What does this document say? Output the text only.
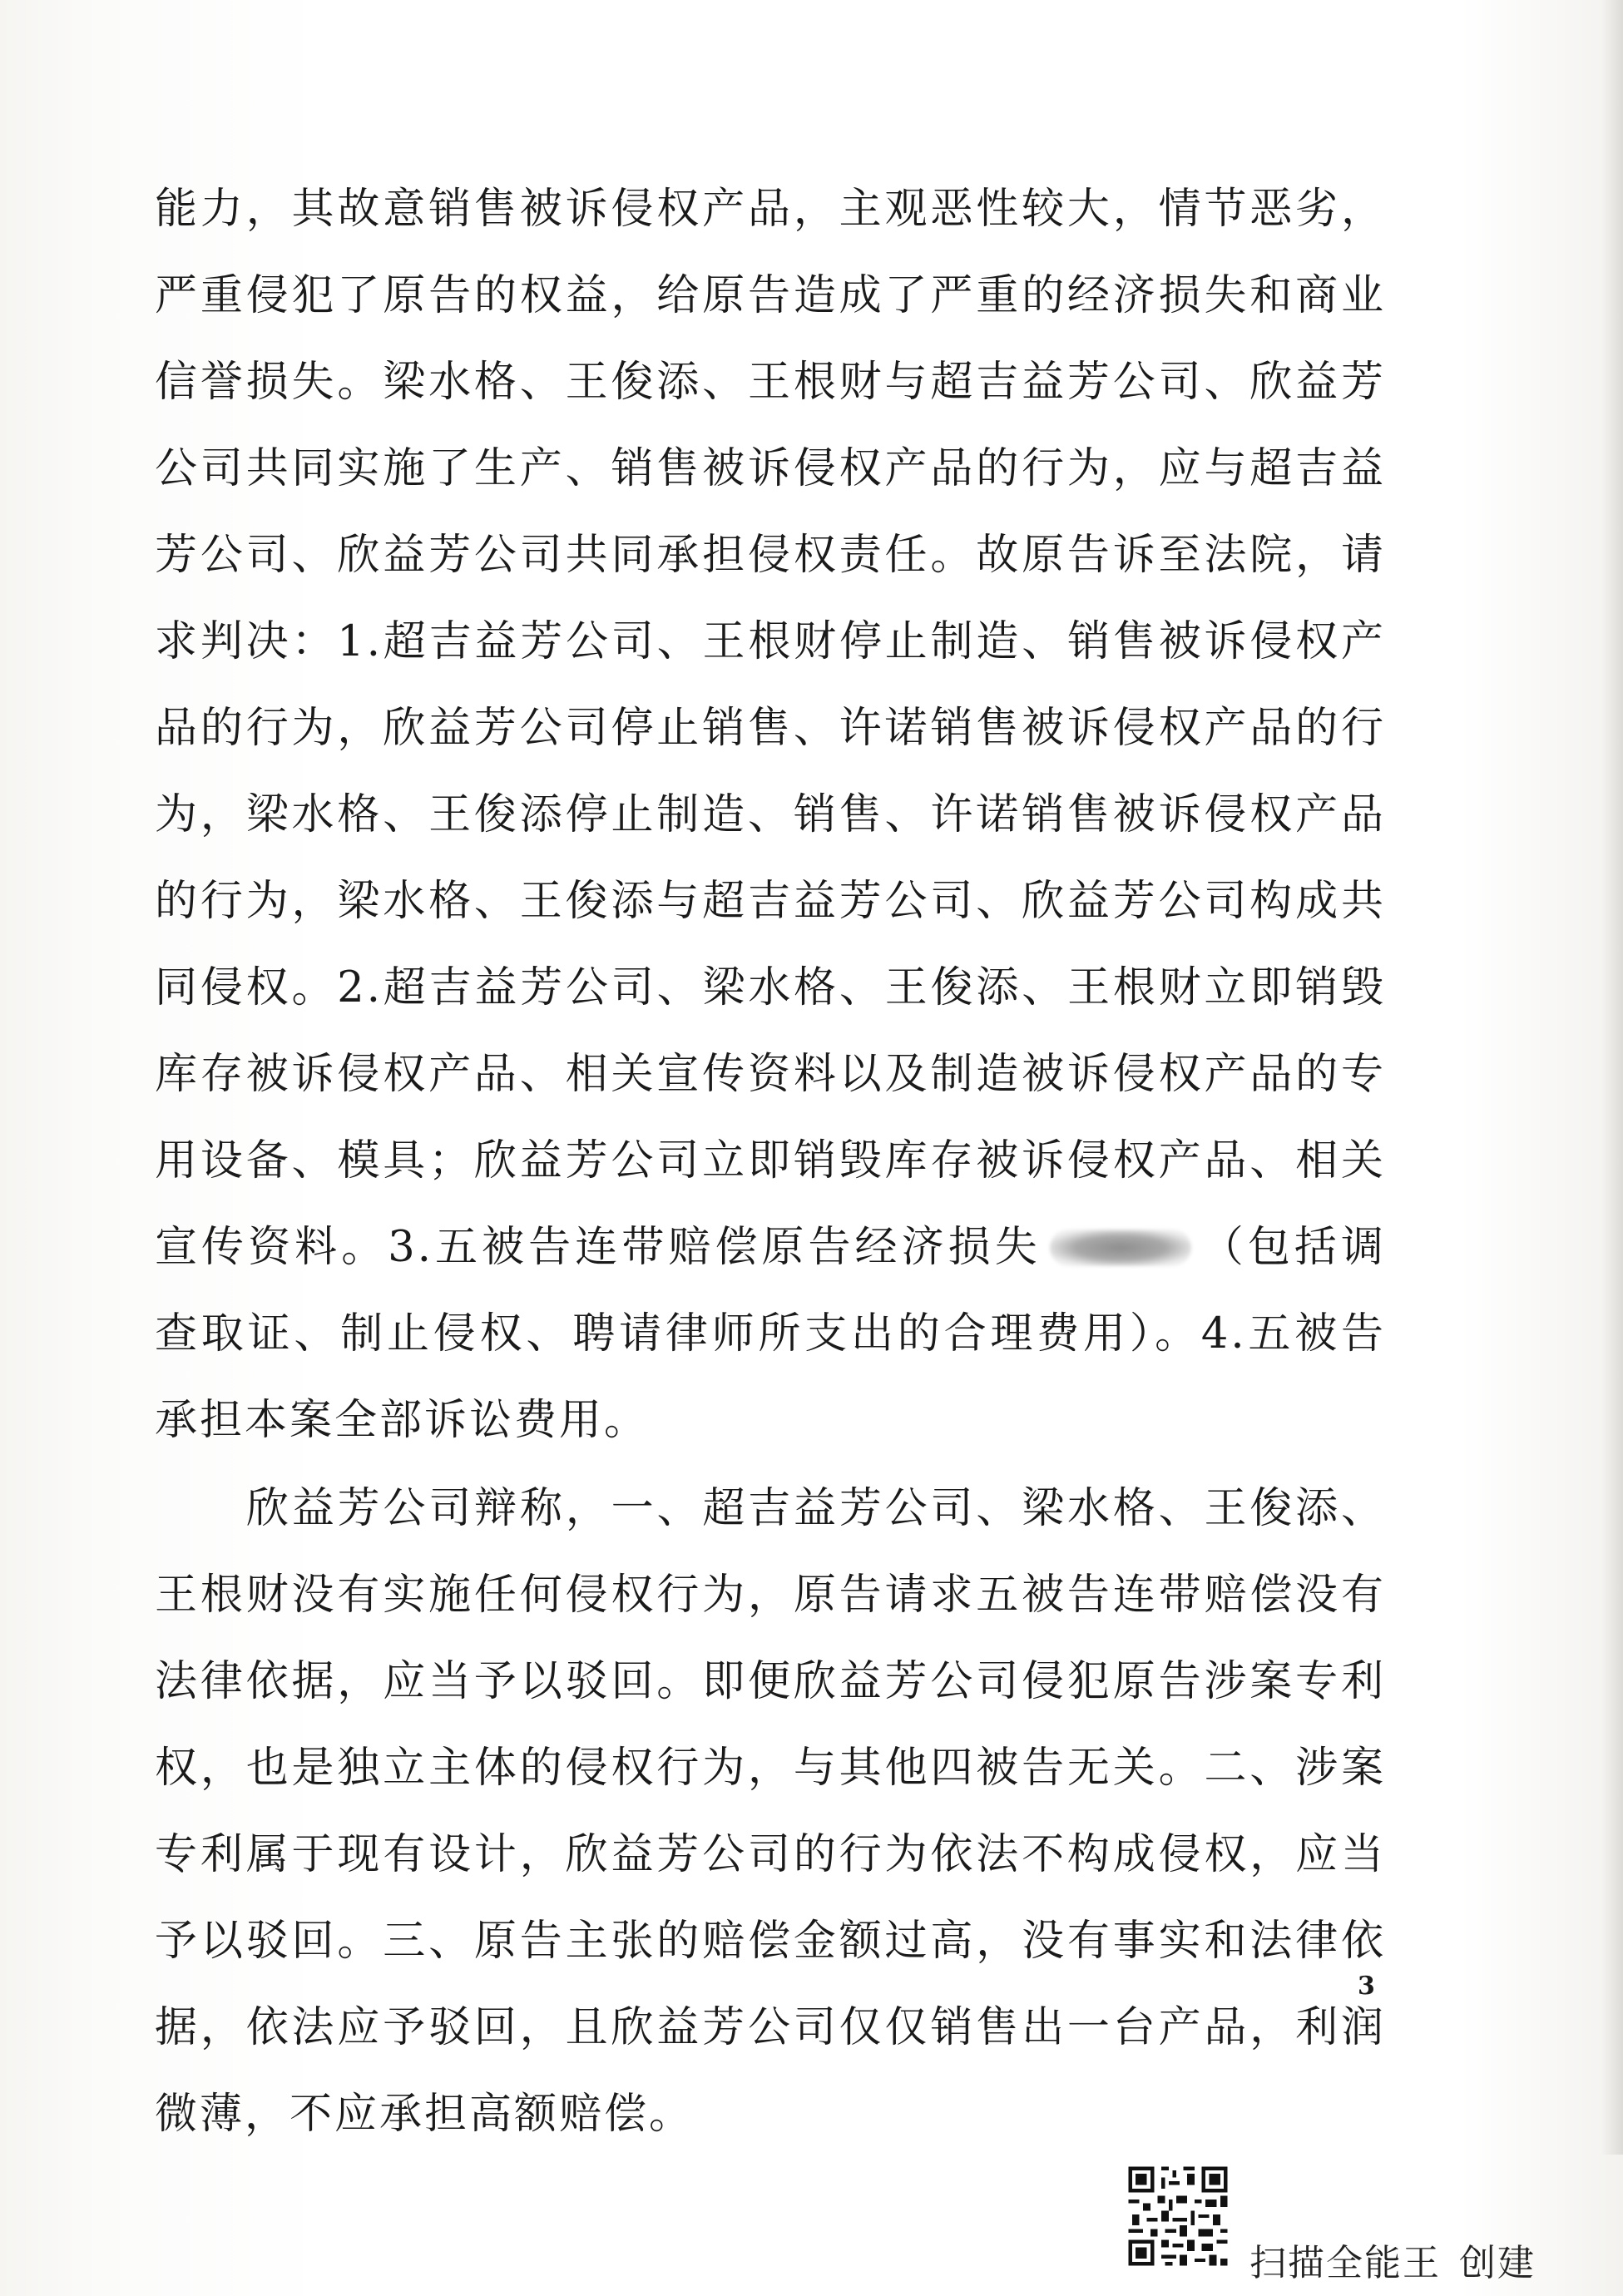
能力，其故意销售被诉侵权产品，主观恶性较大，情节恶劣，严重侵犯了原告的权益，给原告造成了严重的经济损失和商业信誉损失。梁水格、王俊添、王根财与超吉益芳公司、欣益芳公司共同实施了生产、销售被诉侵权产品的行为，应与超吉益芳公司、欣益芳公司共同承担侵权责任。故原告诉至法院，请求判决：1.超吉益芳公司、王根财停止制造、销售被诉侵权产品的行为，欣益芳公司停止销售、许诺销售被诉侵权产品的行为，梁水格、王俊添停止制造、销售、许诺销售被诉侵权产品的行为，梁水格、王俊添与超吉益芳公司、欣益芳公司构成共同侵权。2.超吉益芳公司、梁水格、王俊添、王根财立即销毁库存被诉侵权产品、相关宣传资料以及制造被诉侵权产品的专用设备、模具；欣益芳公司立即销毁库存被诉侵权产品、相关宣传资料。3.五被告连带赔偿原告经济损失	（包括调查取证、制止侵权、聘请律师所支出的合理费用）。4.五被告承担本案全部诉讼费用。

欣益芳公司辩称，一、超吉益芳公司、梁水格、王俊添、王根财没有实施任何侵权行为，原告请求五被告连带赔偿没有法律依据，应当予以驳回。即便欣益芳公司侵犯原告涉案专利权，也是独立主体的侵权行为，与其他四被告无关。二、涉案专利属于现有设计，欣益芳公司的行为依法不构成侵权，应当予以驳回。三、原告主张的赔偿金额过高，没有事实和法律依据，依法应予驳回，且欣益芳公司仅仅销售出一台产品，利润微薄，不应承担高额赔偿。

3
扫描全能王 创建
